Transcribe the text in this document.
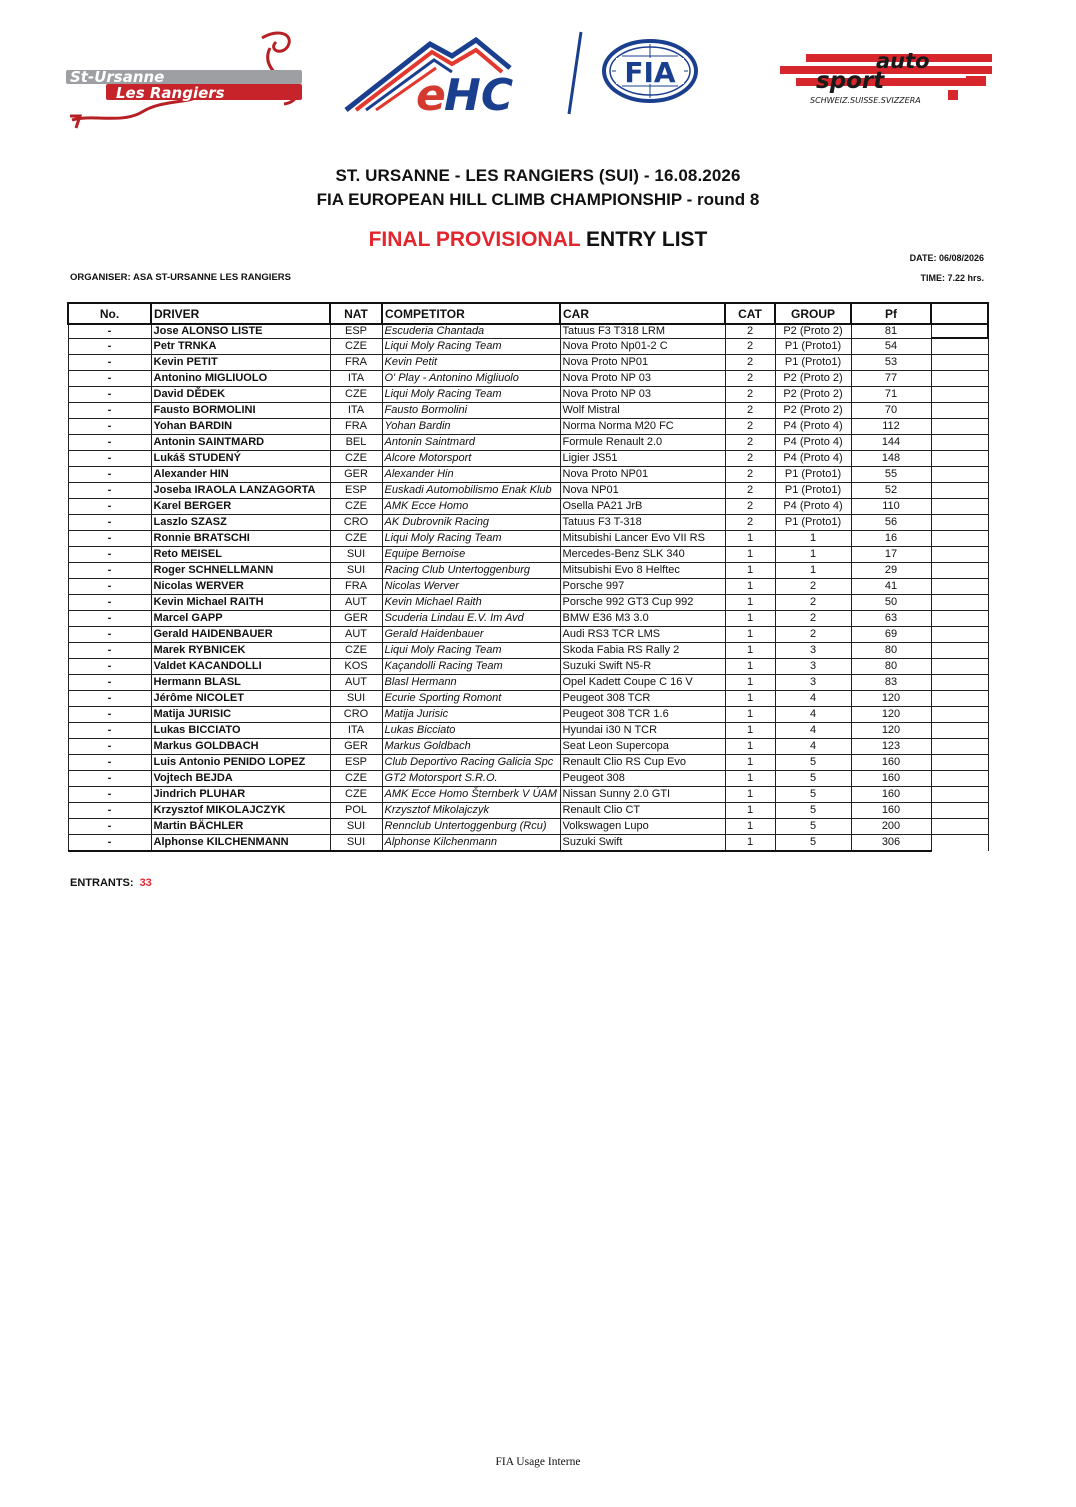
St-Ursanne
Les Rangiers	e
HC	FIA	auto
sport
SCHWEIZ.SUISSE.SVIZZERA
ST. URSANNE - LES RANGIERS (SUI) - 16.08.2026
FIA EUROPEAN HILL CLIMB CHAMPIONSHIP - round 8
FINAL PROVISIONAL ENTRY LIST
DATE: 06/08/2026
ORGANISER: ASA ST-URSANNE LES RANGIERS	TIME: 7.22 hrs.
No.	DRIVER	NAT	COMPETITOR	CAR	CAT	GROUP	Pf	
-	Jose ALONSO LISTE	ESP	Escuderia Chantada	Tatuus F3 T318 LRM	2	P2 (Proto 2)	81	
-	Petr TRNKA	CZE	Liqui Moly Racing Team	Nova Proto Np01-2 C	2	P1 (Proto1)	54	
-	Kevin PETIT	FRA	Kevin Petit	Nova Proto NP01	2	P1 (Proto1)	53	
-	Antonino MIGLIUOLO	ITA	O' Play - Antonino Migliuolo	Nova Proto NP 03	2	P2 (Proto 2)	77	
-	David DĚDEK	CZE	Liqui Moly Racing Team	Nova Proto NP 03	2	P2 (Proto 2)	71	
-	Fausto BORMOLINI	ITA	Fausto Bormolini	Wolf Mistral	2	P2 (Proto 2)	70	
-	Yohan BARDIN	FRA	Yohan Bardin	Norma Norma M20 FC	2	P4 (Proto 4)	112	
-	Antonin SAINTMARD	BEL	Antonin Saintmard	Formule Renault 2.0	2	P4 (Proto 4)	144	
-	Lukáš STUDENÝ	CZE	Alcore Motorsport	Ligier JS51	2	P4 (Proto 4)	148	
-	Alexander HIN	GER	Alexander Hin	Nova Proto NP01	2	P1 (Proto1)	55	
-	Joseba IRAOLA LANZAGORTA	ESP	Euskadi Automobilismo Enak Klub	Nova NP01	2	P1 (Proto1)	52	
-	Karel BERGER	CZE	AMK Ecce Homo	Osella PA21 JrB	2	P4 (Proto 4)	110	
-	Laszlo SZASZ	CRO	AK Dubrovnik Racing	Tatuus F3 T-318	2	P1 (Proto1)	56	
-	Ronnie BRATSCHI	CZE	Liqui Moly Racing Team	Mitsubishi Lancer Evo VII RS	1	1	16	
-	Reto MEISEL	SUI	Equipe Bernoise	Mercedes-Benz SLK 340	1	1	17	
-	Roger SCHNELLMANN	SUI	Racing Club Untertoggenburg	Mitsubishi Evo 8 Helftec	1	1	29	
-	Nicolas WERVER	FRA	Nicolas Werver	Porsche 997	1	2	41	
-	Kevin Michael RAITH	AUT	Kevin Michael Raith	Porsche 992 GT3 Cup 992	1	2	50	
-	Marcel GAPP	GER	Scuderia Lindau E.V. Im Avd	BMW E36 M3 3.0	1	2	63	
-	Gerald HAIDENBAUER	AUT	Gerald Haidenbauer	Audi RS3 TCR LMS	1	2	69	
-	Marek RYBNICEK	CZE	Liqui Moly Racing Team	Skoda Fabia RS Rally 2	1	3	80	
-	Valdet KACANDOLLI	KOS	Kaçandolli Racing Team	Suzuki Swift N5-R	1	3	80	
-	Hermann BLASL	AUT	Blasl Hermann	Opel Kadett Coupe C 16 V	1	3	83	
-	Jérôme NICOLET	SUI	Ecurie Sporting Romont	Peugeot 308 TCR	1	4	120	
-	Matija JURISIC	CRO	Matija Jurisic	Peugeot 308 TCR 1.6	1	4	120	
-	Lukas BICCIATO	ITA	Lukas Bicciato	Hyundai i30 N TCR	1	4	120	
-	Markus GOLDBACH	GER	Markus Goldbach	Seat Leon Supercopa	1	4	123	
-	Luis Antonio PENIDO LOPEZ	ESP	Club Deportivo Racing Galicia Spc	Renault Clio RS Cup Evo	1	5	160	
-	Vojtech BEJDA	CZE	GT2 Motorsport S.R.O.	Peugeot 308	1	5	160	
-	Jindrich PLUHAR	CZE	AMK Ecce Homo Šternberk V ÚAM	Nissan Sunny 2.0 GTI	1	5	160	
-	Krzysztof MIKOLAJCZYK	POL	Krzysztof Mikolajczyk	Renault Clio CT	1	5	160	
-	Martin BÄCHLER	SUI	Rennclub Untertoggenburg (Rcu)	Volkswagen Lupo	1	5	200	
-	Alphonse KILCHENMANN	SUI	Alphonse Kilchenmann	Suzuki Swift	1	5	306	
ENTRANTS: 33
FIA Usage Interne
